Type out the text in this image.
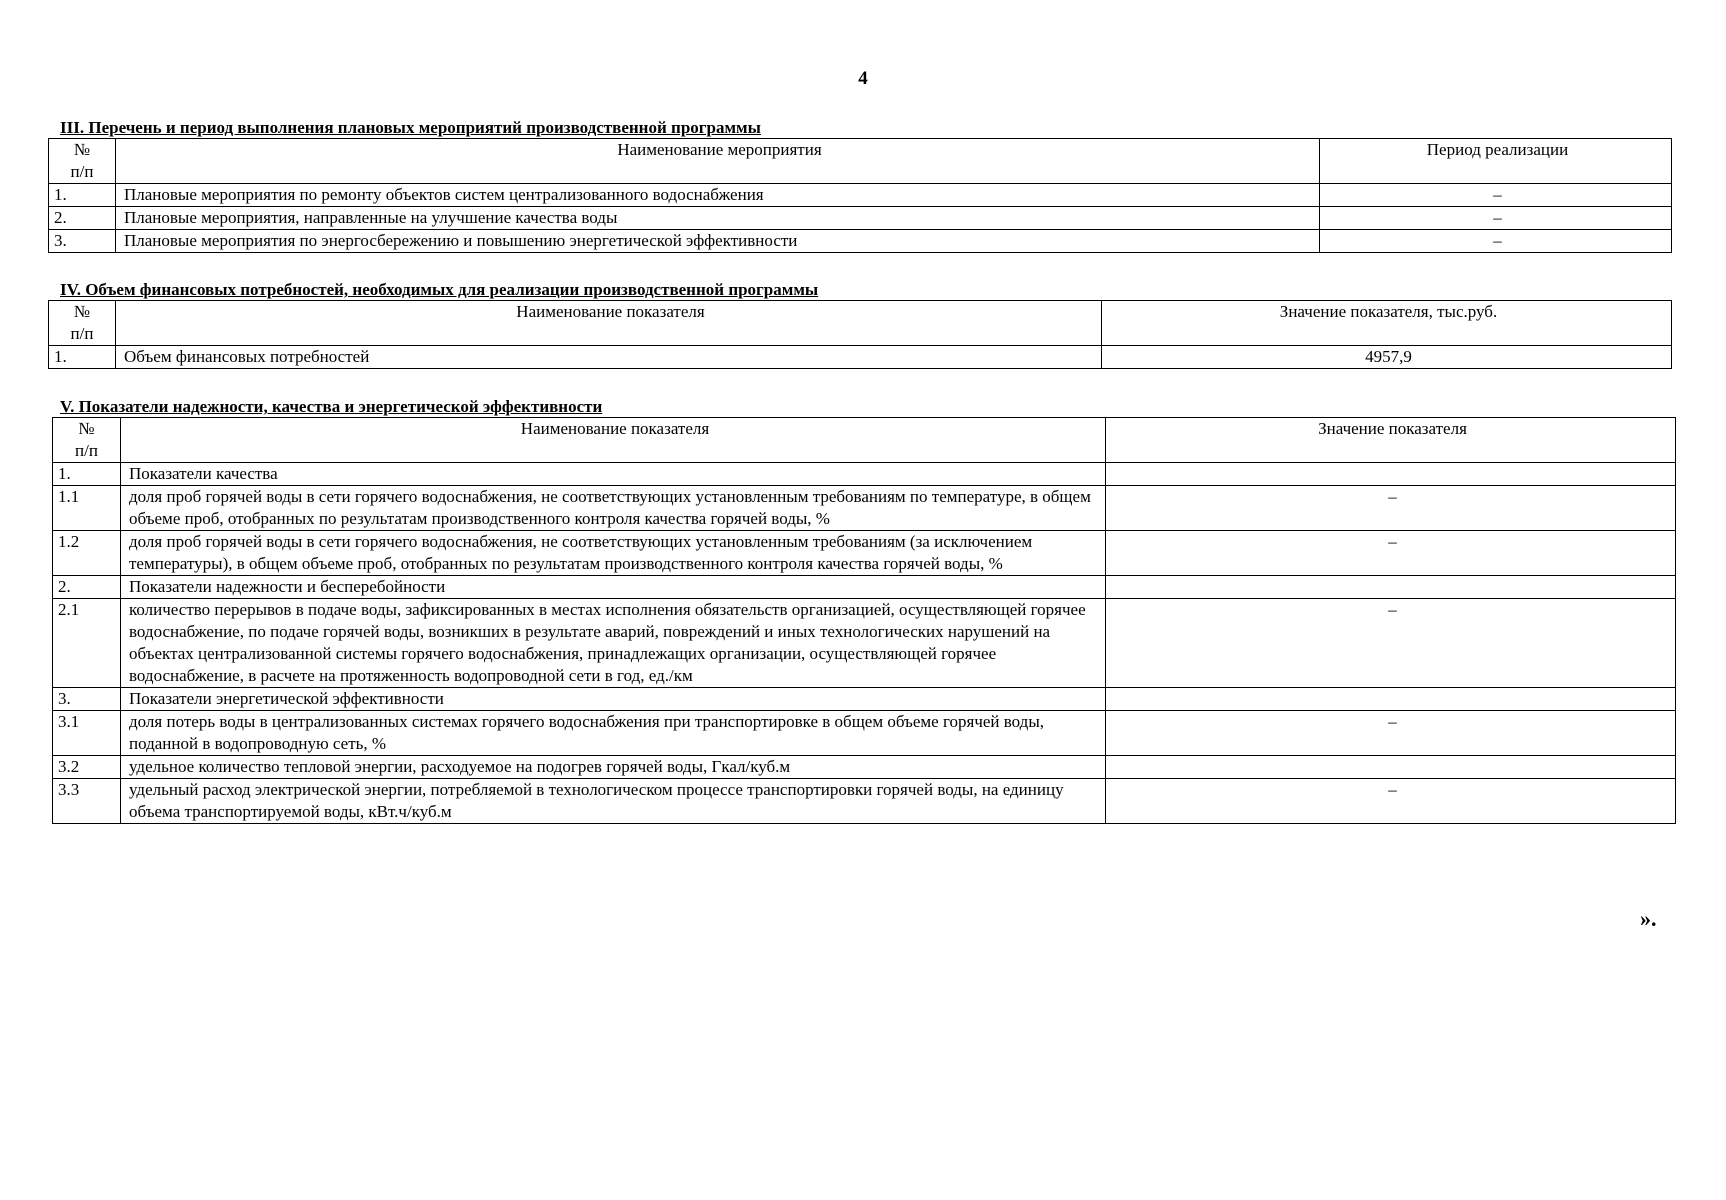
4
III. Перечень и период выполнения плановых мероприятий производственной программы
№
п/п	Наименование мероприятия	Период реализации
1.	Плановые мероприятия по ремонту объектов систем централизованного водоснабжения	–
2.	Плановые мероприятия, направленные на улучшение качества воды	–
3.	Плановые мероприятия по энергосбережению и повышению энергетической эффективности	–
IV. Объем финансовых потребностей, необходимых для реализации производственной программы
№
п/п	Наименование показателя	Значение показателя, тыс.руб.
1.	Объем финансовых потребностей	4957,9
V. Показатели надежности, качества и энергетической эффективности
№
п/п	Наименование показателя	Значение показателя
1.	Показатели качества	
1.1	доля проб горячей воды в сети горячего водоснабжения, не соответствующих установленным требованиям по температуре, в общем объеме проб, отобранных по результатам производственного контроля качества горячей воды, %	–
1.2	доля проб горячей воды в сети горячего водоснабжения, не соответствующих установленным требованиям (за исключением температуры), в общем объеме проб, отобранных по результатам производственного контроля качества горячей воды, %	–
2.	Показатели надежности и бесперебойности	
2.1	количество перерывов в подаче воды, зафиксированных в местах исполнения обязательств организацией, осуществляющей горячее водоснабжение, по подаче горячей воды, возникших в результате аварий, повреждений и иных технологических нарушений на объектах централизованной системы горячего водоснабжения, принадлежащих организации, осуществляющей горячее водоснабжение, в расчете на протяженность водопроводной сети в год, ед./км	–
3.	Показатели энергетической эффективности	
3.1	доля потерь воды в централизованных системах горячего водоснабжения при транспортировке в общем объеме горячей воды, поданной в водопроводную сеть, %	–
3.2	удельное количество тепловой энергии, расходуемое на подогрев горячей воды, Гкал/куб.м	
3.3	удельный расход электрической энергии, потребляемой в технологическом процессе транспортировки горячей воды, на единицу объема транспортируемой воды, кВт.ч/куб.м	–
».
